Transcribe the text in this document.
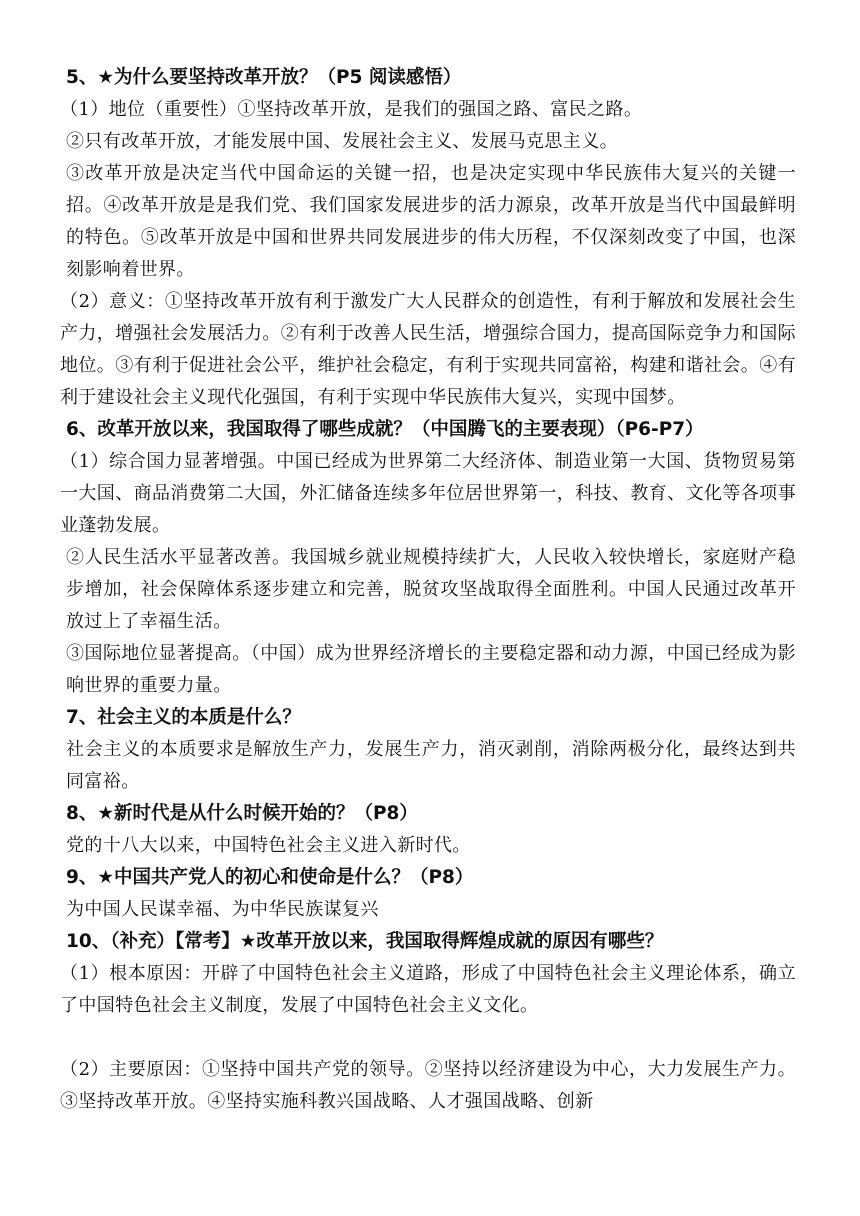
5、★为什么要坚持改革开放？（P5 阅读感悟）
（1）地位（重要性）①坚持改革开放，是我们的强国之路、富民之路。
②只有改革开放，才能发展中国、发展社会主义、发展马克思主义。
③改革开放是决定当代中国命运的关键一招，也是决定实现中华民族伟大复兴的关键一招。④改革开放是是我们党、我们国家发展进步的活力源泉，改革开放是当代中国最鲜明的特色。⑤改革开放是中国和世界共同发展进步的伟大历程，不仅深刻改变了中国，也深刻影响着世界。
（2）意义：①坚持改革开放有利于激发广大人民群众的创造性，有利于解放和发展社会生产力，增强社会发展活力。②有利于改善人民生活，增强综合国力，提高国际竞争力和国际地位。③有利于促进社会公平，维护社会稳定，有利于实现共同富裕，构建和谐社会。④有利于建设社会主义现代化强国，有利于实现中华民族伟大复兴，实现中国梦。
6、改革开放以来，我国取得了哪些成就？（中国腾飞的主要表现）（P6-P7）
（1）综合国力显著增强。中国已经成为世界第二大经济体、制造业第一大国、货物贸易第一大国、商品消费第二大国，外汇储备连续多年位居世界第一，科技、教育、文化等各项事业蓬勃发展。
②人民生活水平显著改善。我国城乡就业规模持续扩大，人民收入较快增长，家庭财产稳步增加，社会保障体系逐步建立和完善，脱贫攻坚战取得全面胜利。中国人民通过改革开放过上了幸福生活。
③国际地位显著提高。（中国）成为世界经济增长的主要稳定器和动力源，中国已经成为影响世界的重要力量。
7、社会主义的本质是什么？
社会主义的本质要求是解放生产力，发展生产力，消灭剥削，消除两极分化，最终达到共同富裕。
8、★新时代是从什么时候开始的？（P8）
党的十八大以来，中国特色社会主义进入新时代。
9、★中国共产党人的初心和使命是什么？（P8）
为中国人民谋幸福、为中华民族谋复兴
10、（补充）【常考】★改革开放以来，我国取得辉煌成就的原因有哪些？
（1）根本原因：开辟了中国特色社会主义道路，形成了中国特色社会主义理论体系，确立了中国特色社会主义制度，发展了中国特色社会主义文化。
（2）主要原因：①坚持中国共产党的领导。②坚持以经济建设为中心，大力发展生产力。③坚持改革开放。④坚持实施科教兴国战略、人才强国战略、创新
